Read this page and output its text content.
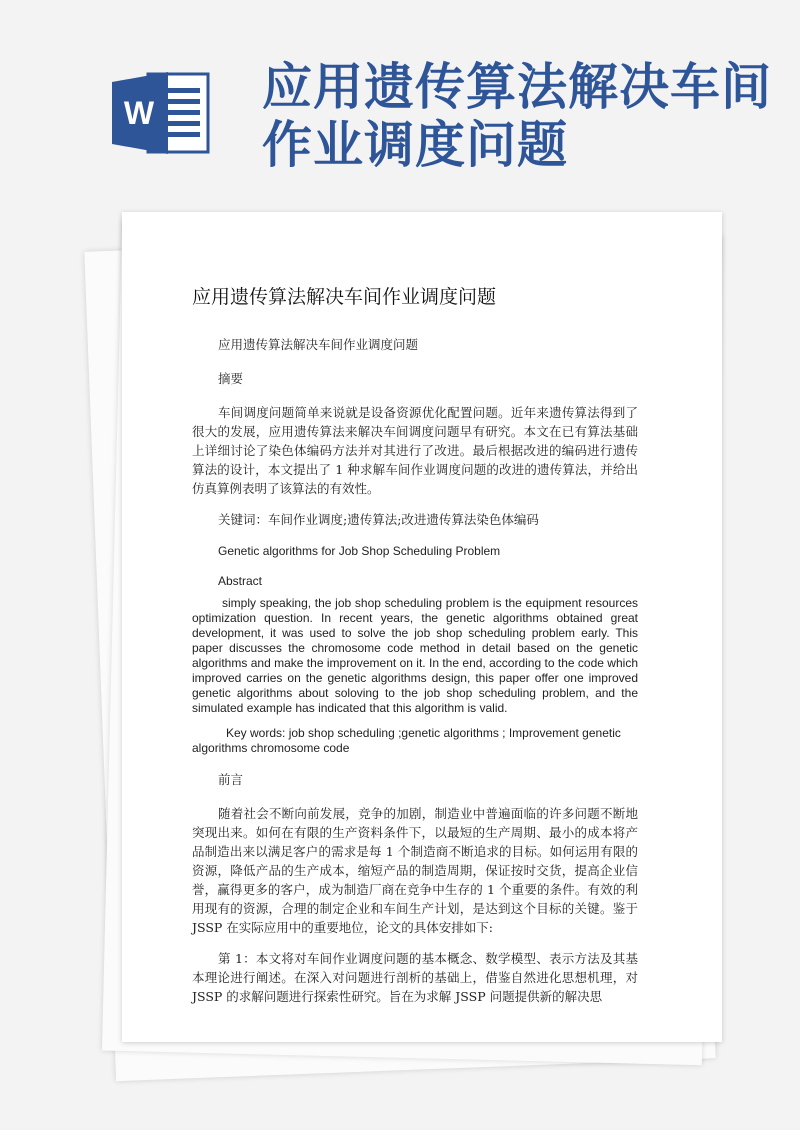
W 应用遗传算法解决车间作业调度问题
应用遗传算法解决车间作业调度问题

应用遗传算法解决车间作业调度问题

摘要

车间调度问题简单来说就是设备资源优化配置问题。近年来遗传算法得到了很大的发展，应用遗传算法来解决车间调度问题早有研究。本文在已有算法基础上详细讨论了染色体编码方法并对其进行了改进。最后根据改进的编码进行遗传算法的设计，本文提出了 1 种求解车间作业调度问题的改进的遗传算法，并给出仿真算例表明了该算法的有效性。

关键词：车间作业调度;遗传算法;改进遗传算法染色体编码

Genetic algorithms for Job Shop Scheduling Problem

Abstract

simply speaking, the job shop scheduling problem is the equipment resources optimization question. In recent years, the genetic algorithms obtained great development, it was used to solve the job shop scheduling problem early. This paper discusses the chromosome code method in detail based on the genetic algorithms and make the improvement on it. In the end, according to the code which improved carries on the genetic algorithms design, this paper offer one improved genetic algorithms about soloving to the job shop scheduling problem, and the simulated example has indicated that this algorithm is valid.

Key words: job shop scheduling ;genetic algorithms ; Improvement genetic algorithms chromosome code

前言

随着社会不断向前发展，竞争的加剧，制造业中普遍面临的许多问题不断地突现出来。如何在有限的生产资料条件下，以最短的生产周期、最小的成本将产品制造出来以满足客户的需求是每 1 个制造商不断追求的目标。如何运用有限的资源，降低产品的生产成本，缩短产品的制造周期，保证按时交货，提高企业信誉，赢得更多的客户，成为制造厂商在竞争中生存的 1 个重要的条件。有效的利用现有的资源，合理的制定企业和车间生产计划，是达到这个目标的关键。鉴于 JSSP 在实际应用中的重要地位，论文的具体安排如下:

第 1：本文将对车间作业调度问题的基本概念、数学模型、表示方法及其基本理论进行阐述。在深入对问题进行剖析的基础上，借鉴自然进化思想机理，对 JSSP 的求解问题进行探索性研究。旨在为求解 JSSP 问题提供新的解决思
